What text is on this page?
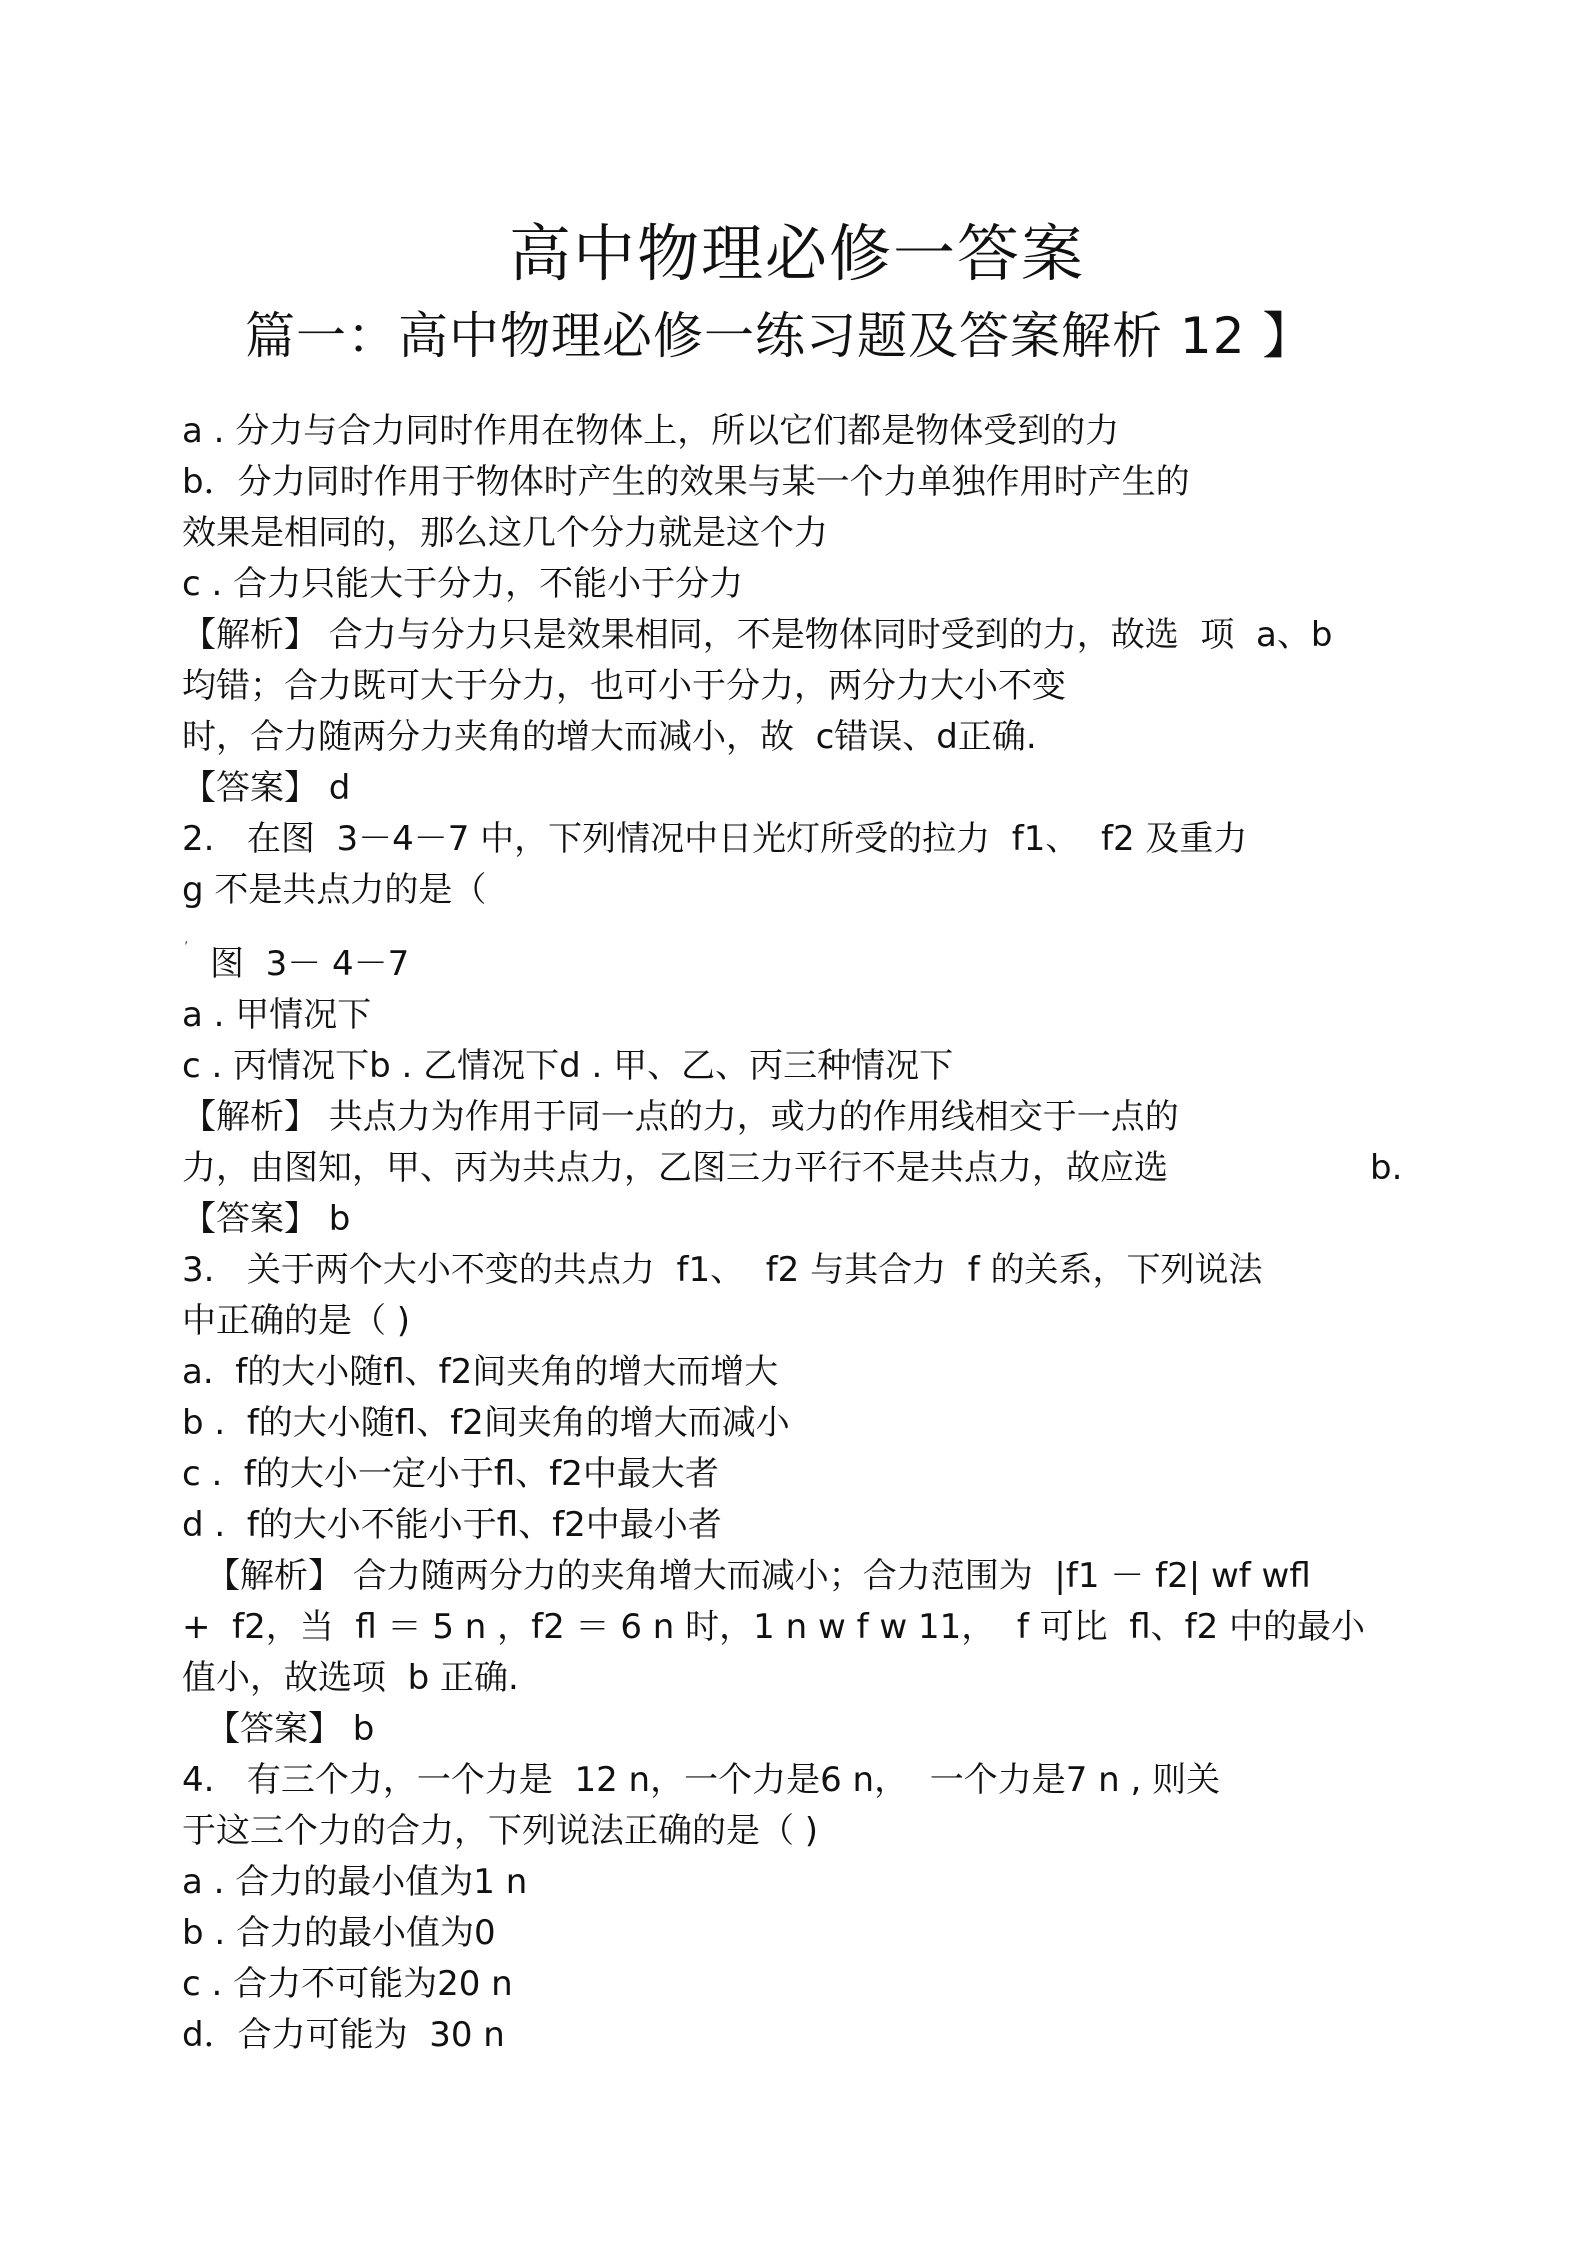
高中物理必修一答案
篇一：高中物理必修一练习题及答案解析 12 】
a . 分力与合力同时作用在物体上，所以它们都是物体受到的力
b．分力同时作用于物体时产生的效果与某一个力单独作用时产生的
效果是相同的，那么这几个分力就是这个力
c . 合力只能大于分力，不能小于分力
【解析】 合力与分力只是效果相同，不是物体同时受到的力，故选  项  a、b
均错；合力既可大于分力，也可小于分力，两分力大小不变
时，合力随两分力夹角的增大而减小，故  c错误、d正确.
【答案】 d
2.   在图  3－4－7 中，下列情况中日光灯所受的拉力  f1、  f2 及重力
g 不是共点力的是（
‚
图  3－ 4－7
a . 甲情况下
c . 丙情况下b . 乙情况下d . 甲、乙、丙三种情况下
【解析】 共点力为作用于同一点的力，或力的作用线相交于一点的
力，由图知，甲、丙为共点力，乙图三力平行不是共点力，故应选	b.
【答案】 b
3.   关于两个大小不变的共点力  f1、  f2 与其合力  f 的关系，下列说法
中正确的是（ )
a.  f的大小随fl、f2间夹角的增大而增大
b .  f的大小随fl、f2间夹角的增大而减小
c .  f的大小一定小于fl、f2中最大者
d .  f的大小不能小于fl、f2中最小者
【解析】 合力随两分力的夹角增大而减小；合力范围为  |f1 － f2| wf wfl
+  f2，当  fl ＝ 5 n ，f2 ＝ 6 n 时，1 n w f w 11，  f 可比  fl、f2 中的最小
值小，故选项  b 正确.
【答案】 b
4.   有三个力，一个力是  12 n，一个力是6 n，  一个力是7 n , 则关
于这三个力的合力，下列说法正确的是（ )
a . 合力的最小值为1 n
b . 合力的最小值为0
c . 合力不可能为20 n
d．合力可能为  30 n
